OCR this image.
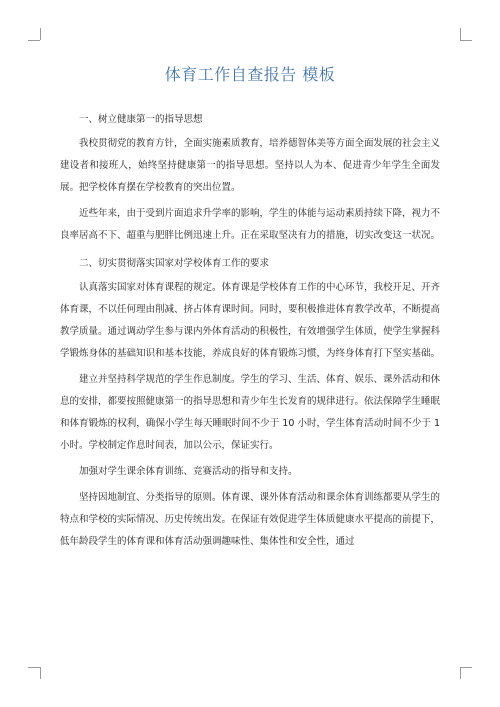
体育工作自查报告 模板

一、树立健康第一的指导思想

我校贯彻党的教育方针，全面实施素质教育，培养德智体美等方面全面发展的社会主义建设者和接班人，始终坚持健康第一的指导思想。坚持以人为本、促进青少年学生全面发展。把学校体育摆在学校教育的突出位置。

近些年来，由于受到片面追求升学率的影响，学生的体能与运动素质持续下降，视力不良率居高不下、超重与肥胖比例迅速上升。正在采取坚决有力的措施，切实改变这一状况。

二、切实贯彻落实国家对学校体育工作的要求

认真落实国家对体育课程的规定。体育课是学校体育工作的中心环节，我校开足、开齐体育课，不以任何理由削减、挤占体育课时间。同时，要积极推进体育教学改革，不断提高教学质量。通过调动学生参与课内外体育活动的积极性，有效增强学生体质，使学生掌握科学锻炼身体的基础知识和基本技能，养成良好的体育锻炼习惯，为终身体育打下坚实基础。

建立并坚持科学规范的学生作息制度。学生的学习、生活、体育、娱乐、课外活动和休息的安排，都要按照健康第一的指导思想和青少年生长发育的规律进行。依法保障学生睡眠和体育锻炼的权利，确保小学生每天睡眠时间不少于 10 小时，学生体育活动时间不少于 1 小时。学校制定作息时间表，加以公示，保证实行。

加强对学生课余体育训练、竞赛活动的指导和支持。

坚持因地制宜、分类指导的原则。体育课、课外体育活动和课余体育训练都要从学生的特点和学校的实际情况、历史传统出发。在保证有效促进学生体质健康水平提高的前提下，低年龄段学生的体育课和体育活动强调趣味性、集体性和安全性，通过
